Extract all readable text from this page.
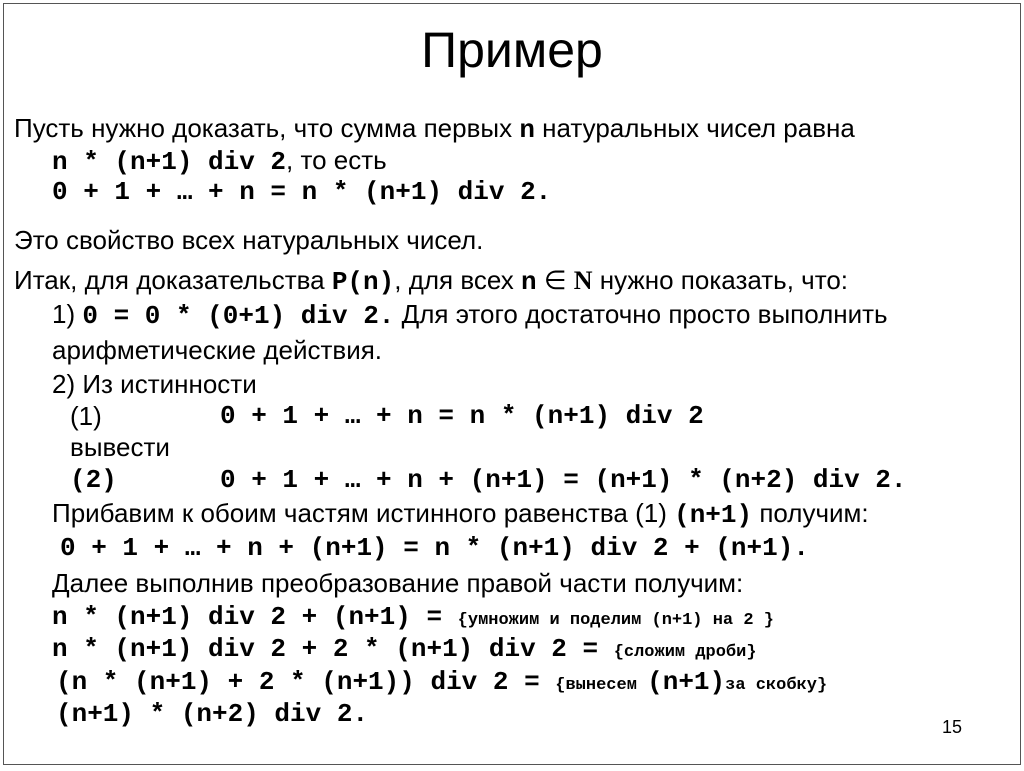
Пример
Пусть нужно доказать, что сумма первых n натуральных чисел равна
n * (n+1) div 2, то есть
0 + 1 + … + n = n * (n+1) div 2.
Это свойство всех натуральных чисел.
Итак, для доказательства P(n), для всех n ∈ N нужно показать, что:
1) 0 = 0 * (0+1) div 2. Для этого достаточно просто выполнить
арифметические действия.
2) Из истинности
(1)	0 + 1 + … + n = n * (n+1) div 2
вывести
(2)	0 + 1 + … + n + (n+1) = (n+1) * (n+2) div 2.
Прибавим к обоим частям истинного равенства (1) (n+1) получим:
0 + 1 + … + n + (n+1) = n * (n+1) div 2 + (n+1).
Далее выполнив преобразование правой части получим:
n * (n+1) div 2 + (n+1) = {умножим и поделим (n+1) на 2 }
n * (n+1) div 2 + 2 * (n+1) div 2 = {сложим дроби}
(n * (n+1) + 2 * (n+1)) div 2 = {вынесем (n+1)за скобку}
(n+1) * (n+2) div 2.	15
